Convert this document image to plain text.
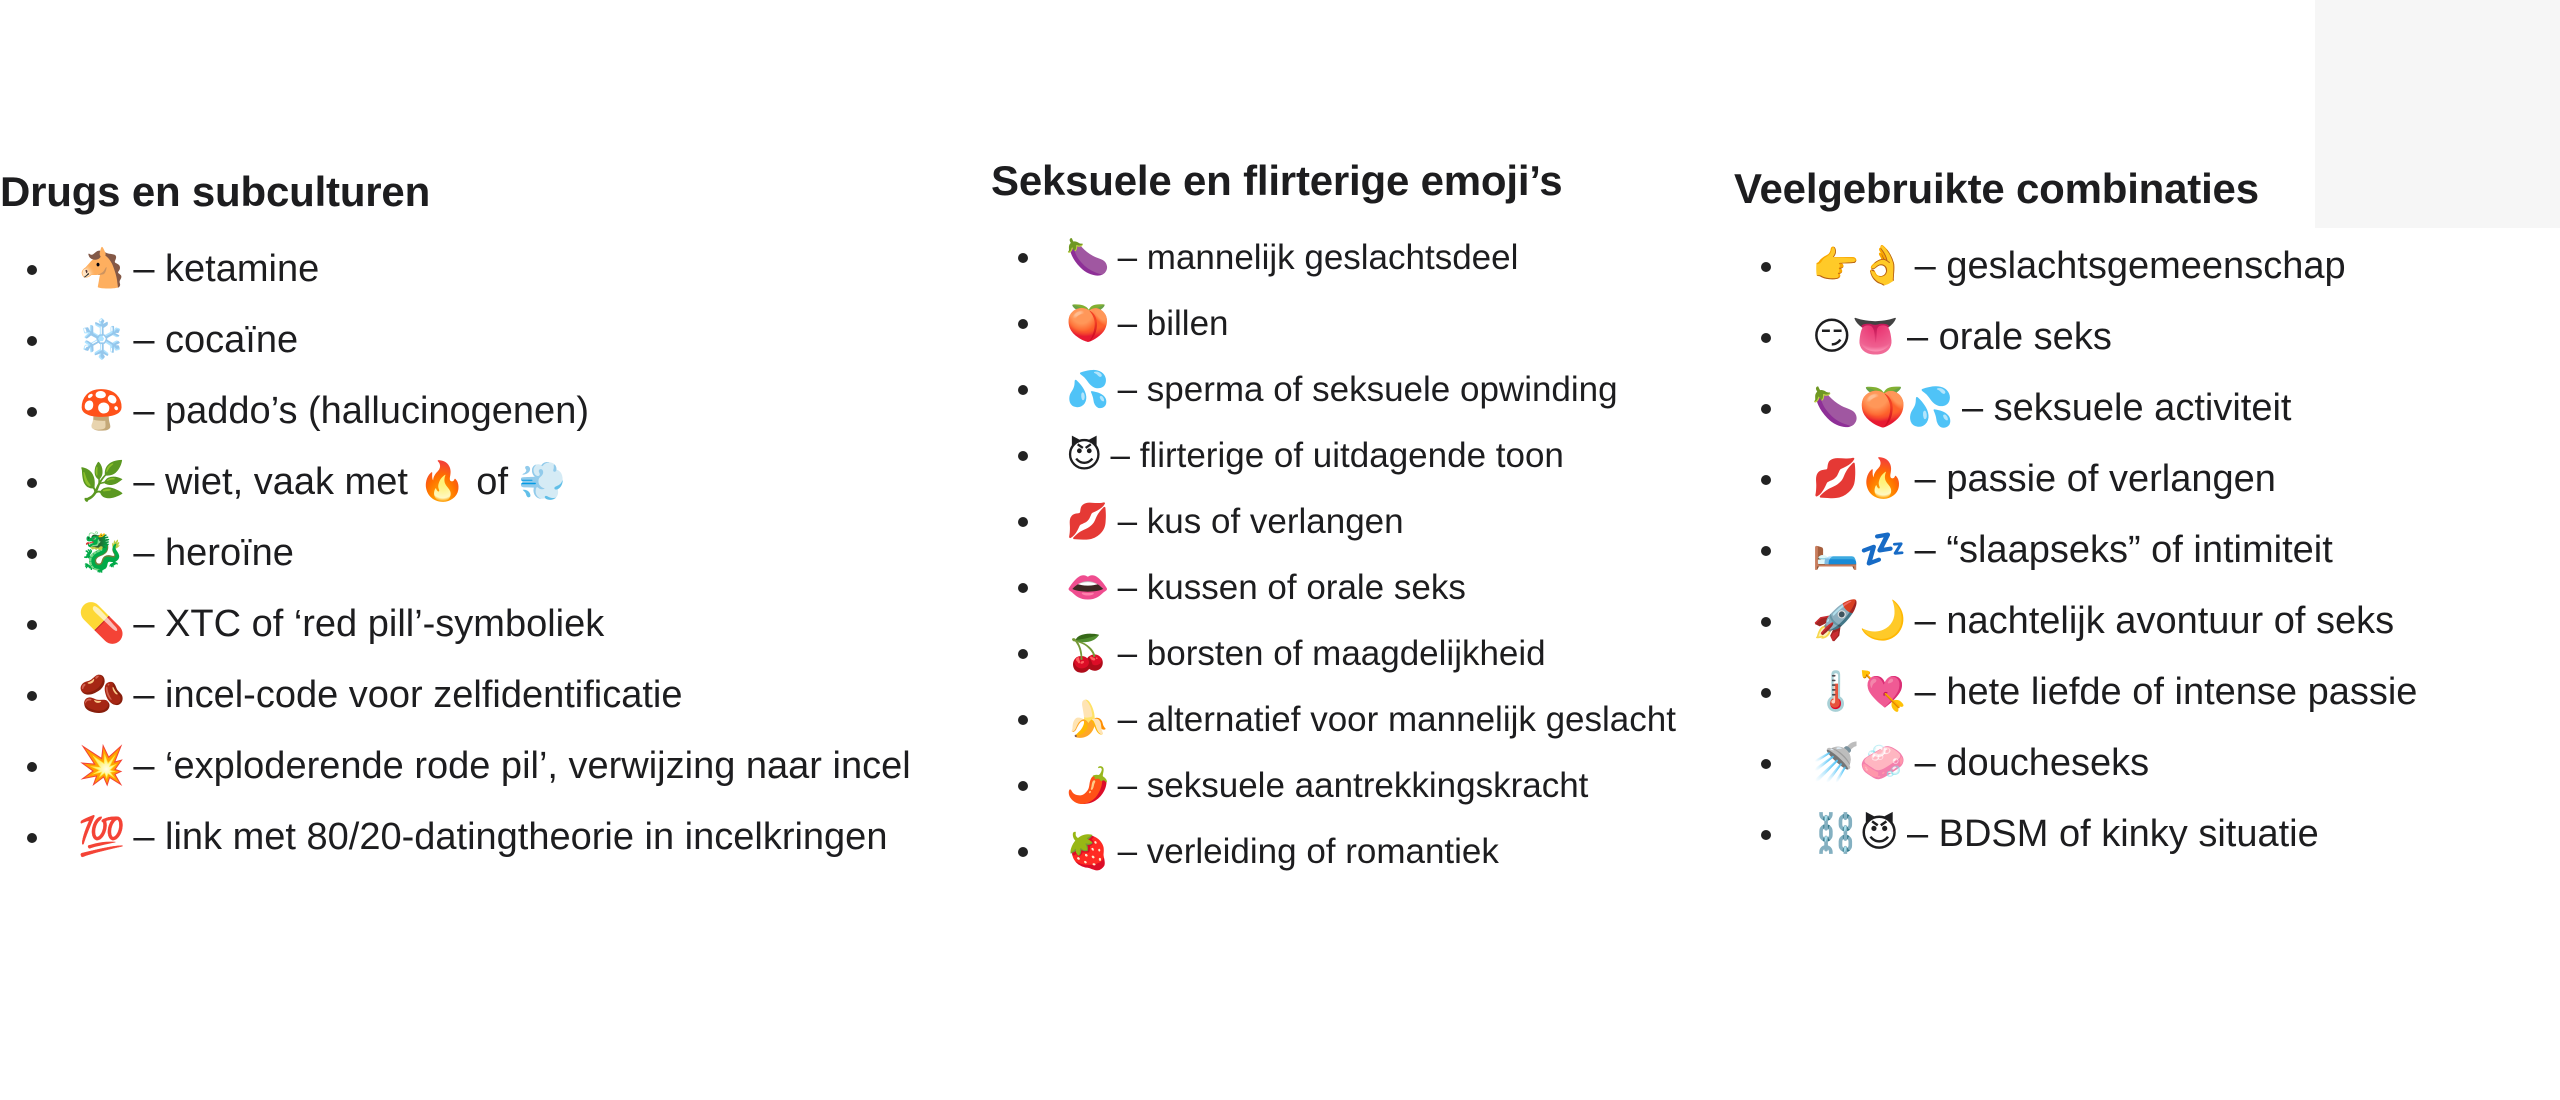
Drugs en subculturen
🐴 – ketamine
❄️ – cocaïne
🍄 – paddo’s (hallucinogenen)
🌿 – wiet, vaak met 🔥 of 💨
🐉 – heroïne
💊 – XTC of ‘red pill’-symboliek
🫘 – incel-code voor zelfidentificatie
💥 – ‘exploderende rode pil’, verwijzing naar incel
💯 – link met 80/20-datingtheorie in incelkringen
Seksuele en flirterige emoji’s
🍆 – mannelijk geslachtsdeel
🍑 – billen
💦 – sperma of seksuele opwinding
😈 – flirterige of uitdagende toon
💋 – kus of verlangen
👄 – kussen of orale seks
🍒 – borsten of maagdelijkheid
🍌 – alternatief voor mannelijk geslacht
🌶️ – seksuele aantrekkingskracht
🍓 – verleiding of romantiek
Veelgebruikte combinaties
👉👌 – geslachtsgemeenschap
😏👅 – orale seks
🍆🍑💦 – seksuele activiteit
💋🔥 – passie of verlangen
🛏️💤 – “slaapseks” of intimiteit
🚀🌙 – nachtelijk avontuur of seks
🌡️💘 – hete liefde of intense passie
🚿🧼 – doucheseks
⛓️😈 – BDSM of kinky situatie
